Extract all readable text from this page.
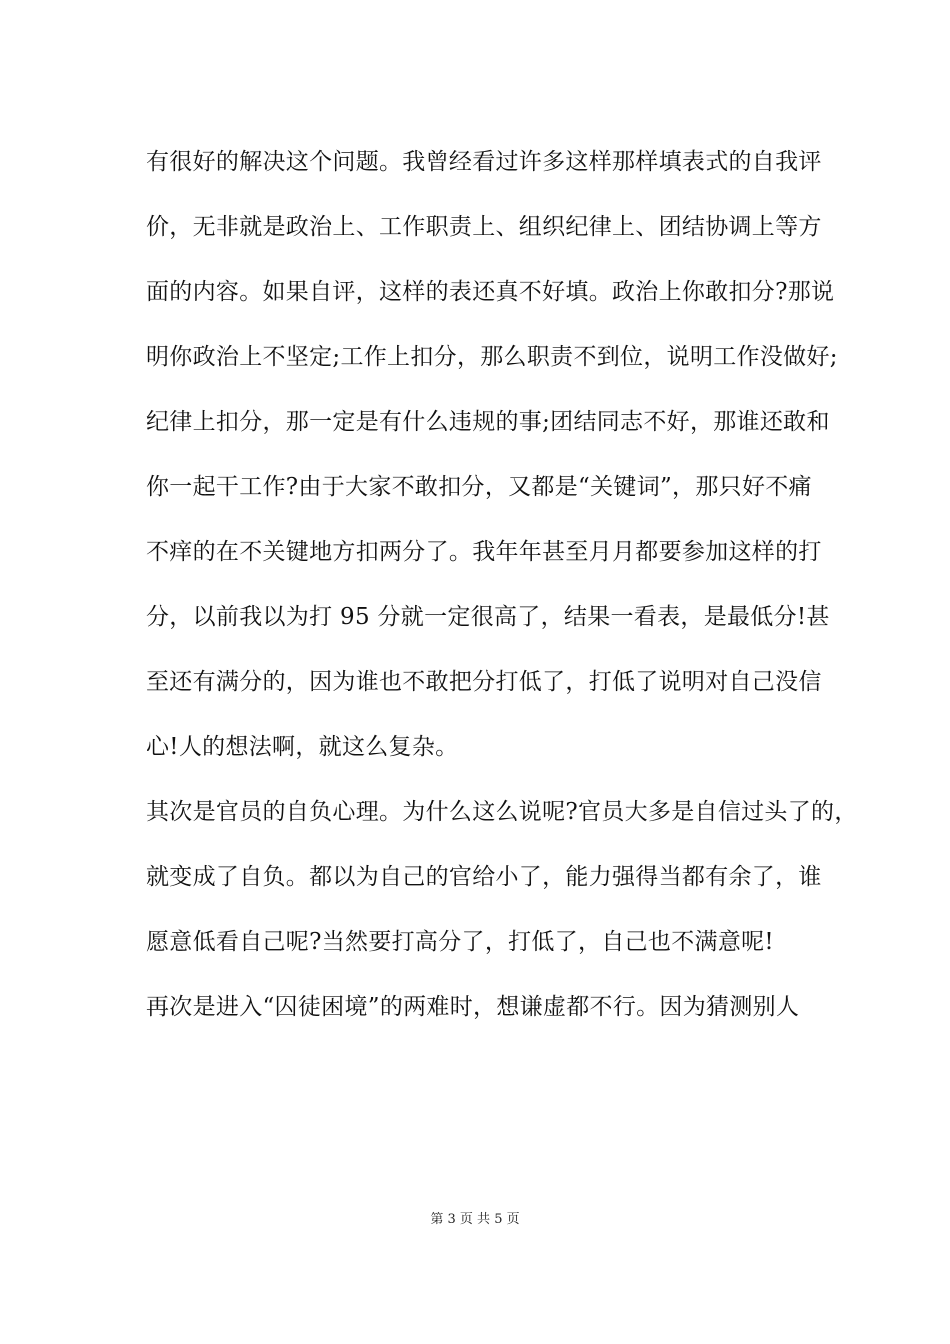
有很好的解决这个问题。我曾经看过许多这样那样填表式的自我评
价，无非就是政治上、工作职责上、组织纪律上、团结协调上等方
面的内容。如果自评，这样的表还真不好填。政治上你敢扣分?那说
明你政治上不坚定;工作上扣分，那么职责不到位，说明工作没做好;
纪律上扣分，那一定是有什么违规的事;团结同志不好，那谁还敢和
你一起干工作?由于大家不敢扣分，又都是“关键词”，那只好不痛
不痒的在不关键地方扣两分了。我年年甚至月月都要参加这样的打
分，以前我以为打 95 分就一定很高了，结果一看表，是最低分!甚
至还有满分的，因为谁也不敢把分打低了，打低了说明对自己没信
心!人的想法啊，就这么复杂。
其次是官员的自负心理。为什么这么说呢?官员大多是自信过头了的，
就变成了自负。都以为自己的官给小了，能力强得当都有余了，谁
愿意低看自己呢?当然要打高分了，打低了，自己也不满意呢!
再次是进入“囚徒困境”的两难时，想谦虚都不行。因为猜测别人
第 3 页 共 5 页
